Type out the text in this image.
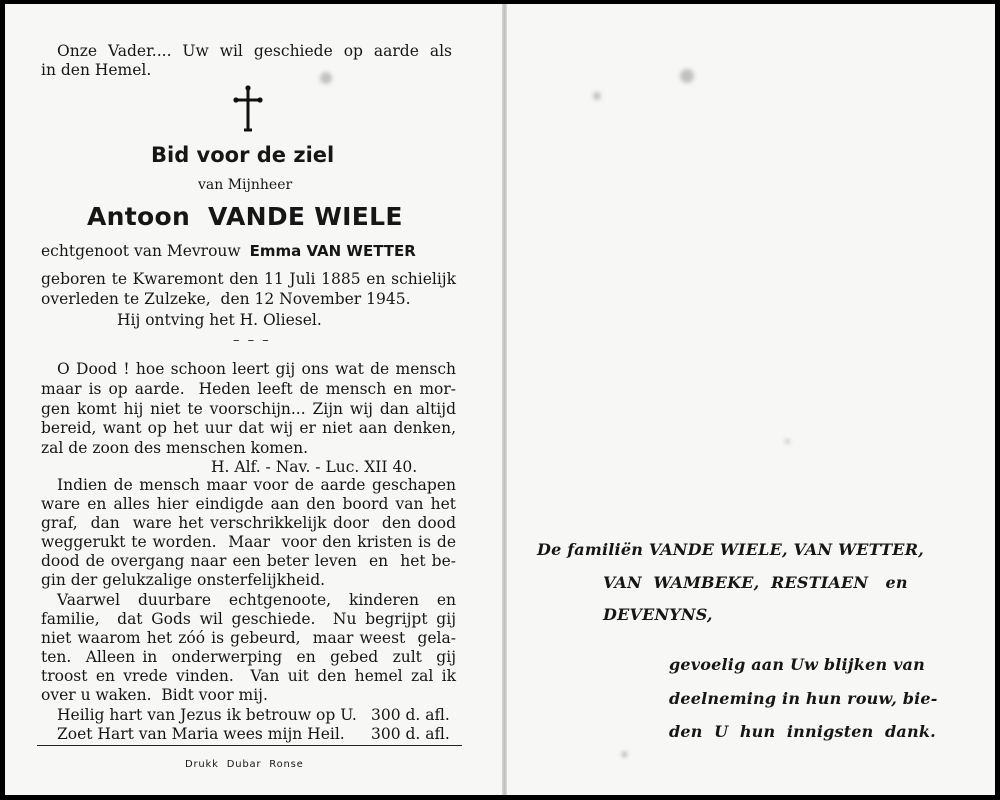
Onze Vader.... Uw wil geschiede op aarde als
in den Hemel.
Bid voor de ziel
van Mijnheer
Antoon  VANDE WIELE
echtgenoot van Mevrouw Emma VAN WETTER
geboren te Kwaremont den 11 Juli 1885 en schielijk
overleden te Zulzeke,  den 12 November 1945.
Hij ontving het H. Oliesel.
– – –
O Dood ! hoe schoon leert gij ons wat de mensch
maar is op aarde.  Heden leeft de mensch en mor-
gen komt hij niet te voorschijn... Zijn wij dan altijd
bereid, want op het uur dat wij er niet aan denken,
zal de zoon des menschen komen.
H. Alf. - Nav. - Luc. XII 40.
Indien de mensch maar voor de aarde geschapen
ware en alles hier eindigde aan den boord van het
graf,  dan  ware het verschrikkelijk door  den dood
weggerukt te worden.  Maar  voor den kristen is de
dood de overgang naar een beter leven  en  het be-
gin der gelukzalige onsterfelijkheid.
Vaarwel  duurbare  echtgenoote,  kinderen  en
familie,  dat Gods wil geschiede.  Nu begrijpt gij
niet waarom het zóó is gebeurd,  maar weest  gela-
ten.  Alleen in  onderwerping  en  gebed  zult  gij
troost en vrede vinden.  Van uit den hemel zal ik
over u waken.  Bidt voor mij.
Heilig hart van Jezus ik betrouw op U. 300 d. afl.
Zoet Hart van Maria wees mijn Heil. 300 d. afl.
Drukk  Dubar  Ronse
De familiën VANDE WIELE, VAN WETTER,
VAN  WAMBEKE,  RESTIAEN   en
DEVENYNS,
gevoelig aan Uw blijken van
deelneming in hun rouw, bie-
den  U  hun  innigsten  dank.
